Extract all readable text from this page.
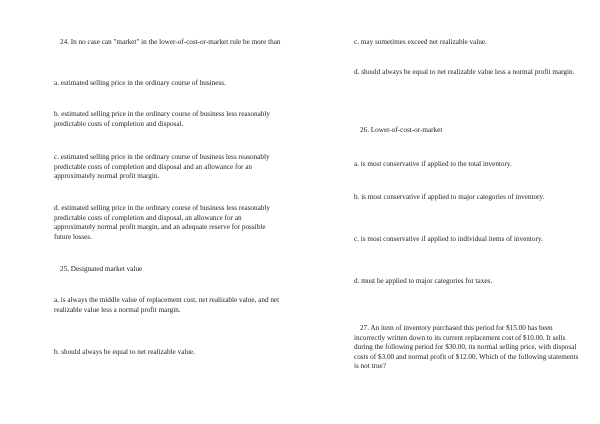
24. In no case can "market" in the lower-of-cost-or-market rule be more than

a. estimated selling price in the ordinary course of business.

b. estimated selling price in the ordinary course of business less reasonably predictable costs of completion and disposal.

c. estimated selling price in the ordinary course of business less reasonably predictable costs of completion and disposal and an allowance for an approximately normal profit margin.

d. estimated selling price in the ordinary course of business less reasonably predictable costs of completion and disposal, an allowance for an approximately normal profit margin, and an adequate reserve for possible future losses.

25. Designated market value

a. is always the middle value of replacement cost, net realizable value, and net realizable value less a normal profit margin.

b. should always be equal to net realizable value.

c. may sometimes exceed net realizable value.

d. should always be equal to net realizable value less a normal profit margin.

26. Lower-of-cost-or-market

a. is most conservative if applied to the total inventory.

b. is most conservative if applied to major categories of inventory.

c. is most conservative if applied to individual items of inventory.

d. must be applied to major categories for taxes.

27. An item of inventory purchased this period for $15.00 has been incorrectly written down to its current replacement cost of $10.00. It sells during the following period for $30.00, its normal selling price, with disposal costs of $3.00 and normal profit of $12.00. Which of the following statements is not true?
